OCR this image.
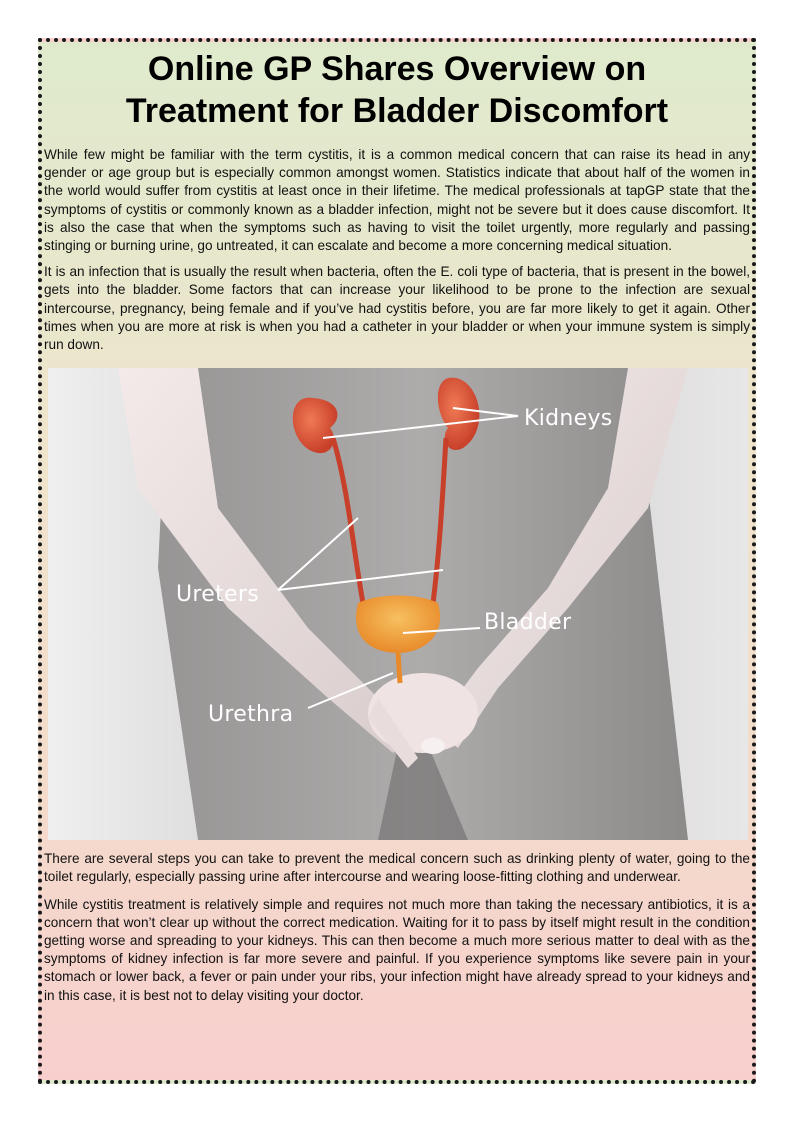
Online GP Shares Overview on
Treatment for Bladder Discomfort

While few might be familiar with the term cystitis, it is a common medical concern that can raise its head in any gender or age group but is especially common amongst women. Statistics indicate that about half of the women in the world would suffer from cystitis at least once in their lifetime. The medical professionals at tapGP state that the symptoms of cystitis or commonly known as a bladder infection, might not be severe but it does cause discomfort. It is also the case that when the symptoms such as having to visit the toilet urgently, more regularly and passing stinging or burning urine, go untreated, it can escalate and become a more concerning medical situation.

It is an infection that is usually the result when bacteria, often the E. coli type of bacteria, that is present in the bowel, gets into the bladder. Some factors that can increase your likelihood to be prone to the infection are sexual intercourse, pregnancy, being female and if you’ve had cystitis before, you are far more likely to get it again. Other times when you are more at risk is when you had a catheter in your bladder or when your immune system is simply run down.

Kidneys
Ureters
Bladder
Urethra

There are several steps you can take to prevent the medical concern such as drinking plenty of water, going to the toilet regularly, especially passing urine after intercourse and wearing loose-fitting clothing and underwear.

While cystitis treatment is relatively simple and requires not much more than taking the necessary antibiotics, it is a concern that won’t clear up without the correct medication. Waiting for it to pass by itself might result in the condition getting worse and spreading to your kidneys. This can then become a much more serious matter to deal with as the symptoms of kidney infection is far more severe and painful. If you experience symptoms like severe pain in your stomach or lower back, a fever or pain under your ribs, your infection might have already spread to your kidneys and in this case, it is best not to delay visiting your doctor.
